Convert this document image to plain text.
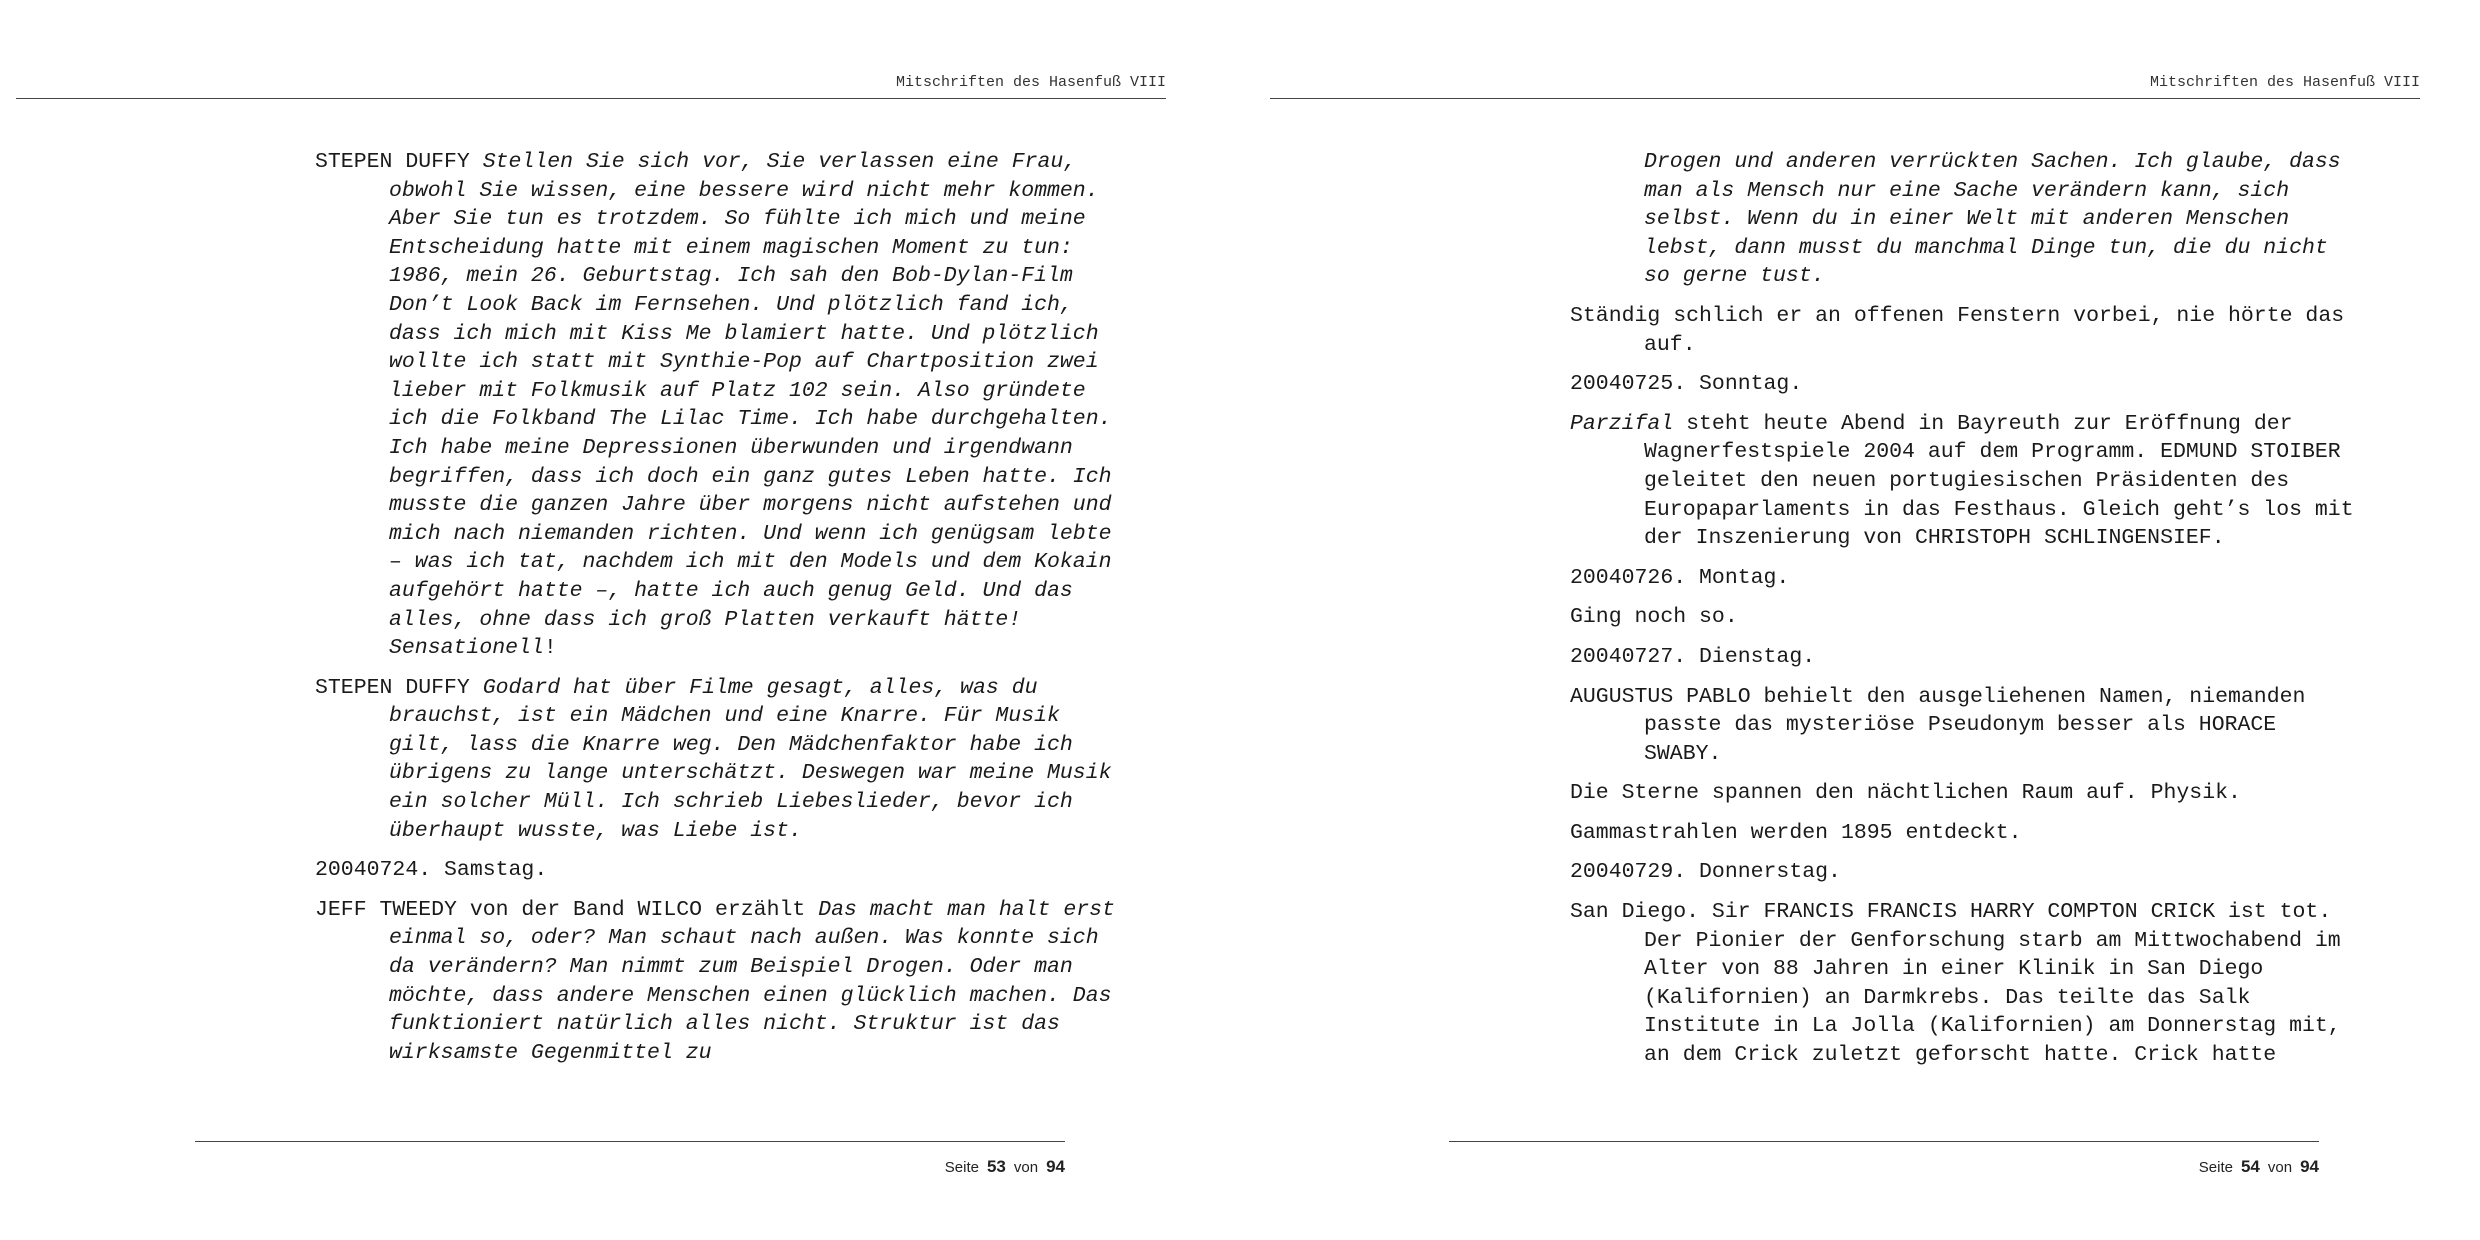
Mitschriften des Hasenfuß VIII

STEPEN DUFFY Stellen Sie sich vor, Sie verlassen eine Frau, obwohl Sie wissen, eine bessere wird nicht mehr kommen. Aber Sie tun es trotzdem. So fühlte ich mich und meine Entscheidung hatte mit einem magischen Moment zu tun: 1986, mein 26. Geburtstag. Ich sah den Bob-Dylan-Film Don’t Look Back im Fernsehen. Und plötzlich fand ich, dass ich mich mit Kiss Me blamiert hatte. Und plötzlich wollte ich statt mit Synthie-Pop auf Chartposition zwei lieber mit Folkmusik auf Platz 102 sein. Also gründete ich die Folkband The Lilac Time. Ich habe durchgehalten. Ich habe meine Depressionen überwunden und irgendwann begriffen, dass ich doch ein ganz gutes Leben hatte. Ich musste die ganzen Jahre über morgens nicht aufstehen und mich nach niemanden richten. Und wenn ich genügsam lebte – was ich tat, nachdem ich mit den Models und dem Kokain aufgehört hatte –, hatte ich auch genug Geld. Und das alles, ohne dass ich groß Platten verkauft hätte! Sensationell!

STEPEN DUFFY Godard hat über Filme gesagt, alles, was du brauchst, ist ein Mädchen und eine Knarre. Für Musik gilt, lass die Knarre weg. Den Mädchenfaktor habe ich übrigens zu lange unterschätzt. Deswegen war meine Musik ein solcher Müll. Ich schrieb Liebeslieder, bevor ich überhaupt wusste, was Liebe ist.

20040724. Samstag.

JEFF TWEEDY von der Band WILCO erzählt Das macht man halt erst einmal so, oder? Man schaut nach außen. Was konnte sich da verändern? Man nimmt zum Beispiel Drogen. Oder man möchte, dass andere Menschen einen glücklich machen. Das funktioniert natürlich alles nicht. Struktur ist das wirksamste Gegenmittel zu

Seite 53 von 94
Mitschriften des Hasenfuß VIII

Drogen und anderen verrückten Sachen. Ich glaube, dass man als Mensch nur eine Sache verändern kann, sich selbst. Wenn du in einer Welt mit anderen Menschen lebst, dann musst du manchmal Dinge tun, die du nicht so gerne tust.

Ständig schlich er an offenen Fenstern vorbei, nie hörte das auf.

20040725. Sonntag.

Parzifal steht heute Abend in Bayreuth zur Eröffnung der Wagnerfestspiele 2004 auf dem Programm. EDMUND STOIBER geleitet den neuen portugiesischen Präsidenten des Europaparlaments in das Festhaus. Gleich geht’s los mit der Inszenierung von CHRISTOPH SCHLINGENSIEF.

20040726. Montag.

Ging noch so.

20040727. Dienstag.

AUGUSTUS PABLO behielt den ausgeliehenen Namen, niemanden passte das mysteriöse Pseudonym besser als HORACE SWABY.

Die Sterne spannen den nächtlichen Raum auf. Physik.

Gammastrahlen werden 1895 entdeckt.

20040729. Donnerstag.

San Diego. Sir FRANCIS FRANCIS HARRY COMPTON CRICK ist tot. Der Pionier der Genforschung starb am Mittwochabend im Alter von 88 Jahren in einer Klinik in San Diego (Kalifornien) an Darmkrebs. Das teilte das Salk Institute in La Jolla (Kalifornien) am Donnerstag mit, an dem Crick zuletzt geforscht hatte. Crick hatte

Seite 54 von 94
